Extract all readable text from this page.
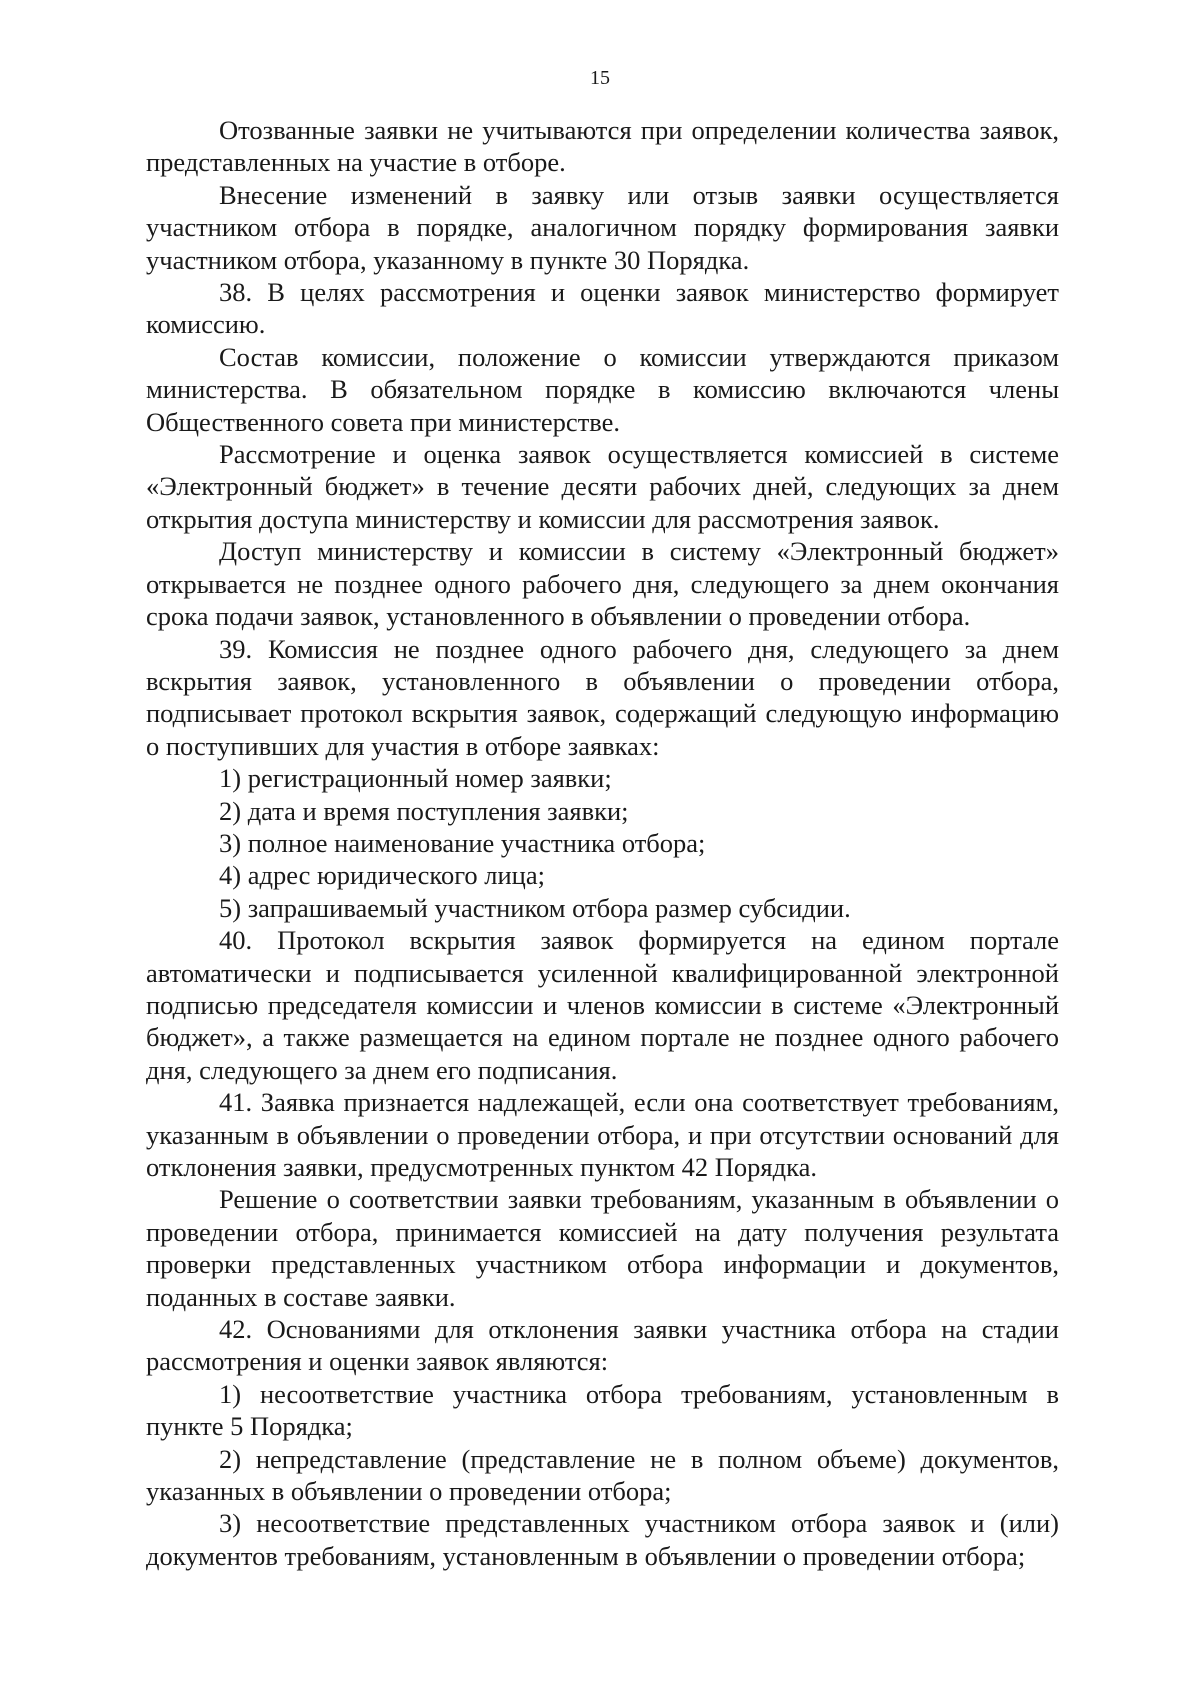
15

Отозванные заявки не учитываются при определении количества заявок, представленных на участие в отборе.

Внесение изменений в заявку или отзыв заявки осуществляется участником отбора в порядке, аналогичном порядку формирования заявки участником отбора, указанному в пункте 30 Порядка.

38. В целях рассмотрения и оценки заявок министерство формирует комиссию.

Состав комиссии, положение о комиссии утверждаются приказом министерства. В обязательном порядке в комиссию включаются члены Общественного совета при министерстве.

Рассмотрение и оценка заявок осуществляется комиссией в системе «Электронный бюджет» в течение десяти рабочих дней, следующих за днем открытия доступа министерству и комиссии для рассмотрения заявок.

Доступ министерству и комиссии в систему «Электронный бюджет» открывается не позднее одного рабочего дня, следующего за днем окончания срока подачи заявок, установленного в объявлении о проведении отбора.

39. Комиссия не позднее одного рабочего дня, следующего за днем вскрытия заявок, установленного в объявлении о проведении отбора, подписывает протокол вскрытия заявок, содержащий следующую информацию о поступивших для участия в отборе заявках:

1) регистрационный номер заявки;

2) дата и время поступления заявки;

3) полное наименование участника отбора;

4) адрес юридического лица;

5) запрашиваемый участником отбора размер субсидии.

40. Протокол вскрытия заявок формируется на едином портале автоматически и подписывается усиленной квалифицированной электронной подписью председателя комиссии и членов комиссии в системе «Электронный бюджет», а также размещается на едином портале не позднее одного рабочего дня, следующего за днем его подписания.

41. Заявка признается надлежащей, если она соответствует требованиям, указанным в объявлении о проведении отбора, и при отсутствии оснований для отклонения заявки, предусмотренных пунктом 42 Порядка.

Решение о соответствии заявки требованиям, указанным в объявлении о проведении отбора, принимается комиссией на дату получения результата проверки представленных участником отбора информации и документов, поданных в составе заявки.

42. Основаниями для отклонения заявки участника отбора на стадии рассмотрения и оценки заявок являются:

1) несоответствие участника отбора требованиям, установленным в пункте 5 Порядка;

2) непредставление (представление не в полном объеме) документов, указанных в объявлении о проведении отбора;

3) несоответствие представленных участником отбора заявок и (или) документов требованиям, установленным в объявлении о проведении отбора;
